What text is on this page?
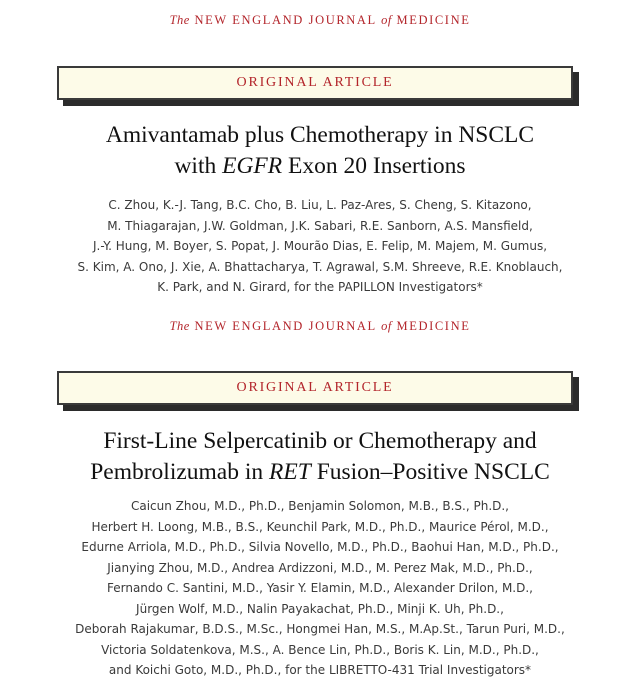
The NEW ENGLAND JOURNAL of MEDICINE
ORIGINAL ARTICLE
Amivantamab plus Chemotherapy in NSCLC
with EGFR Exon 20 Insertions
C. Zhou, K.-J. Tang, B.C. Cho, B. Liu, L. Paz-Ares, S. Cheng, S. Kitazono,
M. Thiagarajan, J.W. Goldman, J.K. Sabari, R.E. Sanborn, A.S. Mansfield,
J.-Y. Hung, M. Boyer, S. Popat, J. Mourão Dias, E. Felip, M. Majem, M. Gumus,
S. Kim, A. Ono, J. Xie, A. Bhattacharya, T. Agrawal, S.M. Shreeve, R.E. Knoblauch,
K. Park, and N. Girard, for the PAPILLON Investigators*
The NEW ENGLAND JOURNAL of MEDICINE
ORIGINAL ARTICLE
First-Line Selpercatinib or Chemotherapy and
Pembrolizumab in RET Fusion–Positive NSCLC
Caicun Zhou, M.D., Ph.D., Benjamin Solomon, M.B., B.S., Ph.D.,
Herbert H. Loong, M.B., B.S., Keunchil Park, M.D., Ph.D., Maurice Pérol, M.D.,
Edurne Arriola, M.D., Ph.D., Silvia Novello, M.D., Ph.D., Baohui Han, M.D., Ph.D.,
Jianying Zhou, M.D., Andrea Ardizzoni, M.D., M. Perez Mak, M.D., Ph.D.,
Fernando C. Santini, M.D., Yasir Y. Elamin, M.D., Alexander Drilon, M.D.,
Jürgen Wolf, M.D., Nalin Payakachat, Ph.D., Minji K. Uh, Ph.D.,
Deborah Rajakumar, B.D.S., M.Sc., Hongmei Han, M.S., M.Ap.St., Tarun Puri, M.D.,
Victoria Soldatenkova, M.S., A. Bence Lin, Ph.D., Boris K. Lin, M.D., Ph.D.,
and Koichi Goto, M.D., Ph.D., for the LIBRETTO-431 Trial Investigators*
